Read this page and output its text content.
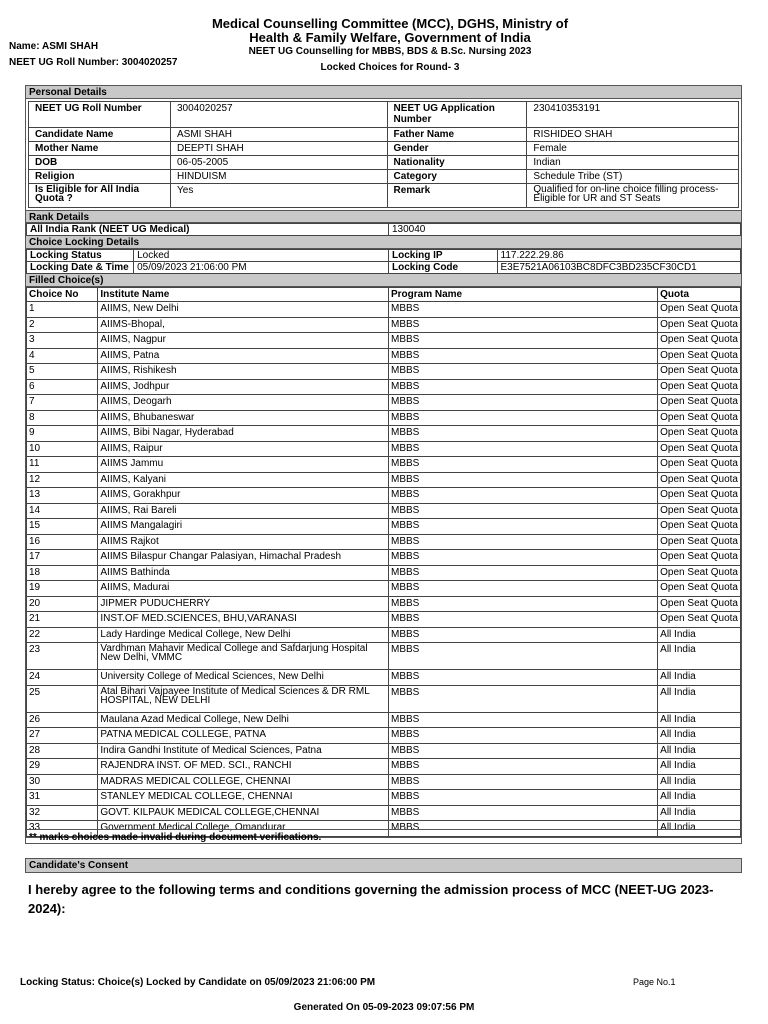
Medical Counselling Committee (MCC), DGHS, Ministry of
Health & Family Welfare, Government of India
NEET UG Counselling for MBBS, BDS & B.Sc. Nursing 2023
Locked Choices for Round- 3
Name: ASMI SHAH
NEET UG Roll Number: 3004020257
Personal Details
NEET UG Roll Number	3004020257	NEET UG Application Number	230410353191
Candidate Name	ASMI SHAH	Father Name	RISHIDEO SHAH
Mother Name	DEEPTI SHAH	Gender	Female
DOB	06-05-2005	Nationality	Indian
Religion	HINDUISM	Category	Schedule Tribe (ST)
Is Eligible for All India Quota ?	Yes	Remark	Qualified for on-line choice filling process-Eligible for UR and ST Seats
Rank Details
All India Rank (NEET UG Medical)	130040
Choice Locking Details
Locking Status	Locked	Locking IP	117.222.29.86
Locking Date & Time	05/09/2023 21:06:00 PM	Locking Code	E3E7521A06103BC8DFC3BD235CF30CD1
Filled Choice(s)
Choice No	Institute Name	Program Name	Quota
1	AIIMS, New Delhi	MBBS	Open Seat Quota
2	AIIMS-Bhopal,	MBBS	Open Seat Quota
3	AIIMS, Nagpur	MBBS	Open Seat Quota
4	AIIMS, Patna	MBBS	Open Seat Quota
5	AIIMS, Rishikesh	MBBS	Open Seat Quota
6	AIIMS, Jodhpur	MBBS	Open Seat Quota
7	AIIMS, Deogarh	MBBS	Open Seat Quota
8	AIIMS, Bhubaneswar	MBBS	Open Seat Quota
9	AIIMS, Bibi Nagar, Hyderabad	MBBS	Open Seat Quota
10	AIIMS, Raipur	MBBS	Open Seat Quota
11	AIIMS Jammu	MBBS	Open Seat Quota
12	AIIMS, Kalyani	MBBS	Open Seat Quota
13	AIIMS, Gorakhpur	MBBS	Open Seat Quota
14	AIIMS, Rai Bareli	MBBS	Open Seat Quota
15	AIIMS Mangalagiri	MBBS	Open Seat Quota
16	AIIMS Rajkot	MBBS	Open Seat Quota
17	AIIMS Bilaspur Changar Palasiyan, Himachal Pradesh	MBBS	Open Seat Quota
18	AIIMS Bathinda	MBBS	Open Seat Quota
19	AIIMS, Madurai	MBBS	Open Seat Quota
20	JIPMER PUDUCHERRY	MBBS	Open Seat Quota
21	INST.OF MED.SCIENCES, BHU,VARANASI	MBBS	Open Seat Quota
22	Lady Hardinge Medical College, New Delhi	MBBS	All India
23	Vardhman Mahavir Medical College and Safdarjung Hospital New Delhi, VMMC	MBBS	All India
24	University College of Medical Sciences, New Delhi	MBBS	All India
25	Atal Bihari Vajpayee Institute of Medical Sciences & DR RML HOSPITAL, NEW DELHI	MBBS	All India
26	Maulana Azad Medical College, New Delhi	MBBS	All India
27	PATNA MEDICAL COLLEGE, PATNA	MBBS	All India
28	Indira Gandhi Institute of Medical Sciences, Patna	MBBS	All India
29	RAJENDRA INST. OF MED. SCI., RANCHI	MBBS	All India
30	MADRAS MEDICAL COLLEGE, CHENNAI	MBBS	All India
31	STANLEY MEDICAL COLLEGE, CHENNAI	MBBS	All India
32	GOVT. KILPAUK MEDICAL COLLEGE,CHENNAI	MBBS	All India
33	Government Medical College, Omandurar	MBBS	All India
** marks choices made invalid during document verifications.
Candidate's Consent
I hereby agree to the following terms and conditions governing the admission process of MCC (NEET-UG 2023-2024):
Locking Status: Choice(s) Locked by Candidate on 05/09/2023 21:06:00 PM	Page No.1
Generated On 05-09-2023 09:07:56 PM
